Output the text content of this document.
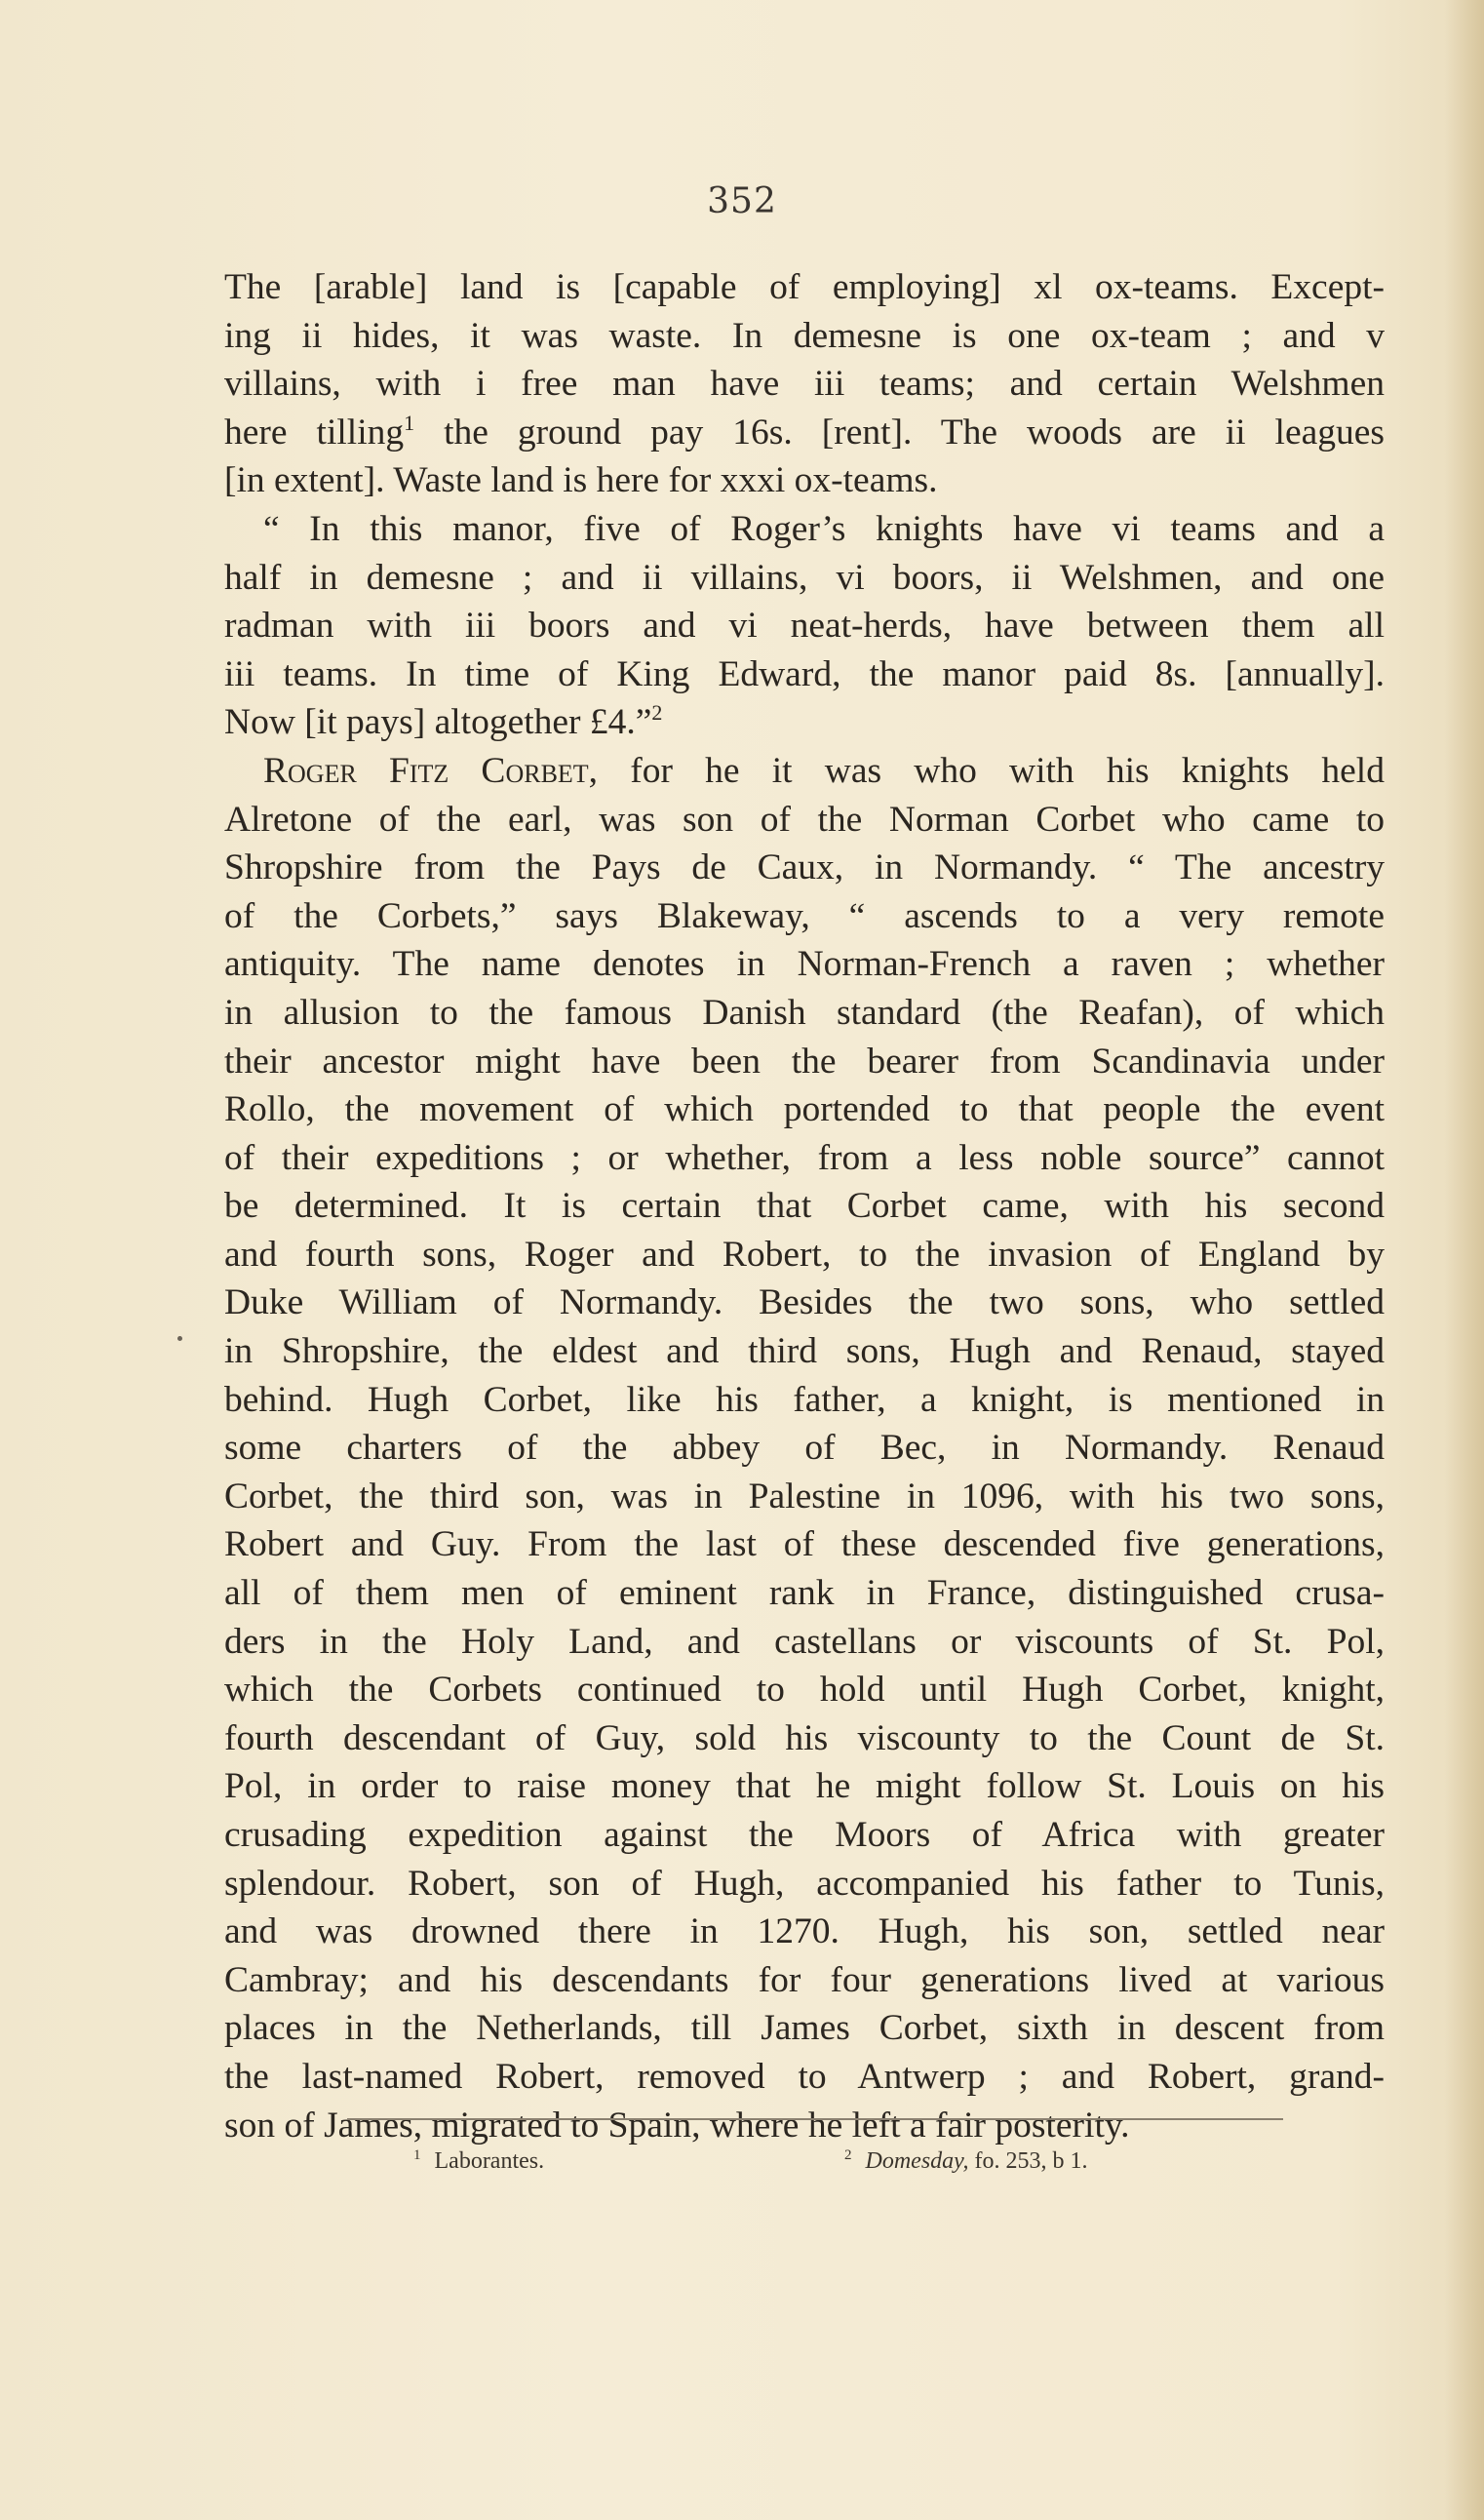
352
The [arable] land is [capable of employing] xl ox-teams. Except-
ing ii hides, it was waste. In demesne is one ox-team ; and v
villains, with i free man have iii teams; and certain Welshmen
here tilling$^1$ the ground pay 16s. [rent]. The woods are ii leagues
[in extent]. Waste land is here for xxxi ox-teams.
“ In this manor, five of Roger’s knights have vi teams and a
half in demesne ; and ii villains, vi boors, ii Welshmen, and one
radman with iii boors and vi neat-herds, have between them all
iii teams. In time of King Edward, the manor paid 8s. [annually].
Now [it pays] altogether £4.”$^2$
Roger Fitz Corbet, for he it was who with his knights held
Alretone of the earl, was son of the Norman Corbet who came to
Shropshire from the Pays de Caux, in Normandy. “ The ancestry
of the Corbets,” says Blakeway, “ ascends to a very remote
antiquity. The name denotes in Norman-French a raven ; whether
in allusion to the famous Danish standard (the Reafan), of which
their ancestor might have been the bearer from Scandinavia under
Rollo, the movement of which portended to that people the event
of their expeditions ; or whether, from a less noble source” cannot
be determined. It is certain that Corbet came, with his second
and fourth sons, Roger and Robert, to the invasion of England by
Duke William of Normandy. Besides the two sons, who settled
in Shropshire, the eldest and third sons, Hugh and Renaud, stayed
behind. Hugh Corbet, like his father, a knight, is mentioned in
some charters of the abbey of Bec, in Normandy. Renaud
Corbet, the third son, was in Palestine in 1096, with his two sons,
Robert and Guy. From the last of these descended five generations,
all of them men of eminent rank in France, distinguished crusa-
ders in the Holy Land, and castellans or viscounts of St. Pol,
which the Corbets continued to hold until Hugh Corbet, knight,
fourth descendant of Guy, sold his viscounty to the Count de St.
Pol, in order to raise money that he might follow St. Louis on his
crusading expedition against the Moors of Africa with greater
splendour. Robert, son of Hugh, accompanied his father to Tunis,
and was drowned there in 1270. Hugh, his son, settled near
Cambray; and his descendants for four generations lived at various
places in the Netherlands, till James Corbet, sixth in descent from
the last-named Robert, removed to Antwerp ; and Robert, grand-
son of James, migrated to Spain, where he left a fair posterity.
$^1$ Laborantes.	$^2$ Domesday, fo. 253, b 1.
